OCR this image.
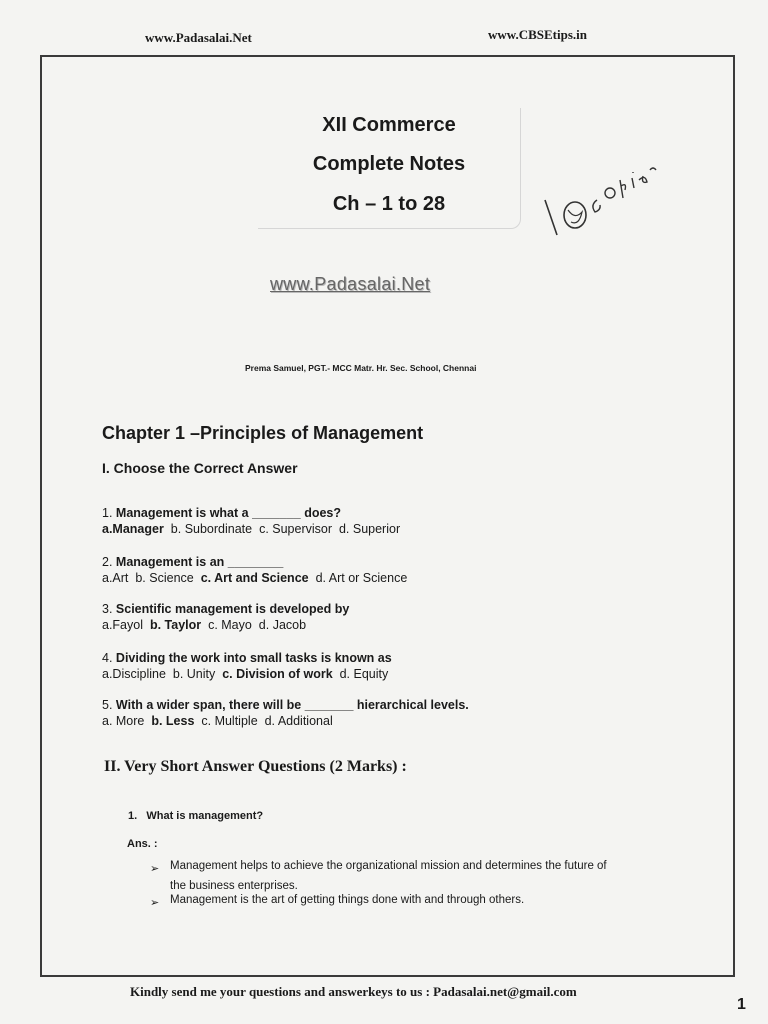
www.Padasalai.Net	www.CBSEtips.in
XII Commerce
Complete Notes
Ch – 1 to 28
www.Padasalai.Net
Prema Samuel, PGT.- MCC Matr. Hr. Sec. School, Chennai
Chapter 1 –Principles of Management
I. Choose the Correct Answer
1. Management is what a _______ does?
a.Manager b. Subordinate c. Supervisor d. Superior
2. Management is an ________
a.Art b. Science c. Art and Science d. Art or Science
3. Scientific management is developed by
a.Fayol b. Taylor c. Mayo d. Jacob
4. Dividing the work into small tasks is known as
a.Discipline b. Unity c. Division of work d. Equity
5. With a wider span, there will be _______ hierarchical levels.
a. More b. Less c. Multiple d. Additional
II. Very Short Answer Questions (2 Marks) :
1. What is management?
Ans. :
➢ Management helps to achieve the organizational mission and determines the future of
the business enterprises.
➢ Management is the art of getting things done with and through others.
Kindly send me your questions and answerkeys to us : Padasalai.net@gmail.com
1
